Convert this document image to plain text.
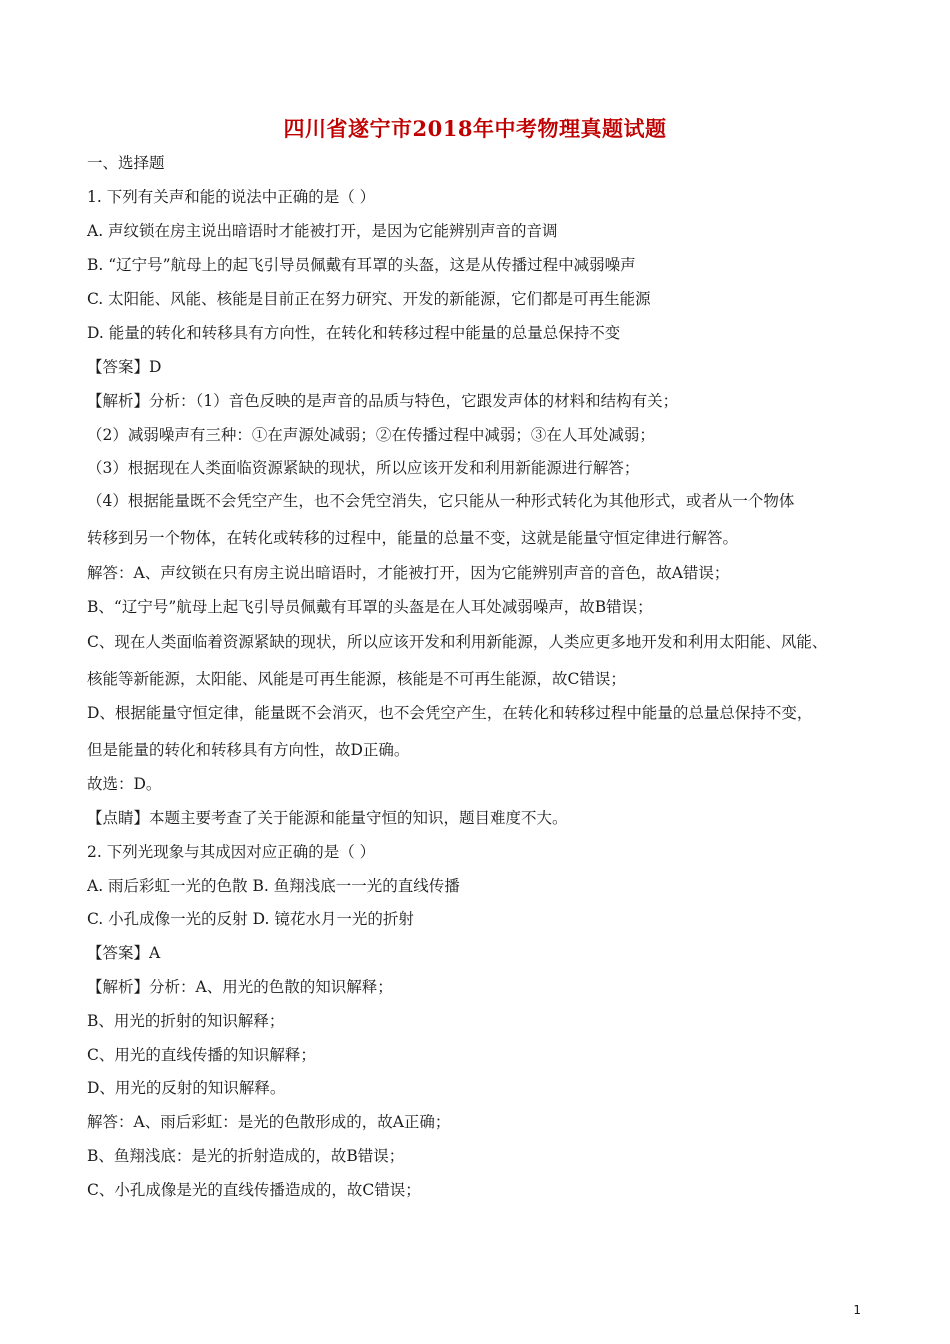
四川省遂宁市2018年中考物理真题试题

一、选择题

1. 下列有关声和能的说法中正确的是（ ）

A. 声纹锁在房主说出暗语时才能被打开，是因为它能辨别声音的音调

B. “辽宁号”航母上的起飞引导员佩戴有耳罩的头盔，这是从传播过程中减弱噪声

C. 太阳能、风能、核能是目前正在努力研究、开发的新能源，它们都是可再生能源

D. 能量的转化和转移具有方向性，在转化和转移过程中能量的总量总保持不变

【答案】D

【解析】分析：（1）音色反映的是声音的品质与特色，它跟发声体的材料和结构有关；

（2）减弱噪声有三种：①在声源处减弱；②在传播过程中减弱；③在人耳处减弱；

（3）根据现在人类面临资源紧缺的现状，所以应该开发和利用新能源进行解答；

（4）根据能量既不会凭空产生，也不会凭空消失，它只能从一种形式转化为其他形式，或者从一个物体

转移到另一个物体，在转化或转移的过程中，能量的总量不变，这就是能量守恒定律进行解答。

解答：A、声纹锁在只有房主说出暗语时，才能被打开，因为它能辨别声音的音色，故A错误；

B、“辽宁号”航母上起飞引导员佩戴有耳罩的头盔是在人耳处减弱噪声，故B错误；

C、现在人类面临着资源紧缺的现状，所以应该开发和利用新能源，人类应更多地开发和利用太阳能、风能、

核能等新能源，太阳能、风能是可再生能源，核能是不可再生能源，故C错误；

D、根据能量守恒定律，能量既不会消灭，也不会凭空产生，在转化和转移过程中能量的总量总保持不变，

但是能量的转化和转移具有方向性，故D正确。

故选：D。

【点睛】本题主要考查了关于能源和能量守恒的知识，题目难度不大。

2. 下列光现象与其成因对应正确的是（ ）

A. 雨后彩虹一光的色散 B. 鱼翔浅底一一光的直线传播

C. 小孔成像一光的反射 D. 镜花水月一光的折射

【答案】A

【解析】分析：A、用光的色散的知识解释；

B、用光的折射的知识解释；

C、用光的直线传播的知识解释；

D、用光的反射的知识解释。

解答：A、雨后彩虹：是光的色散形成的，故A正确；

B、鱼翔浅底：是光的折射造成的，故B错误；

C、小孔成像是光的直线传播造成的，故C错误；

1
